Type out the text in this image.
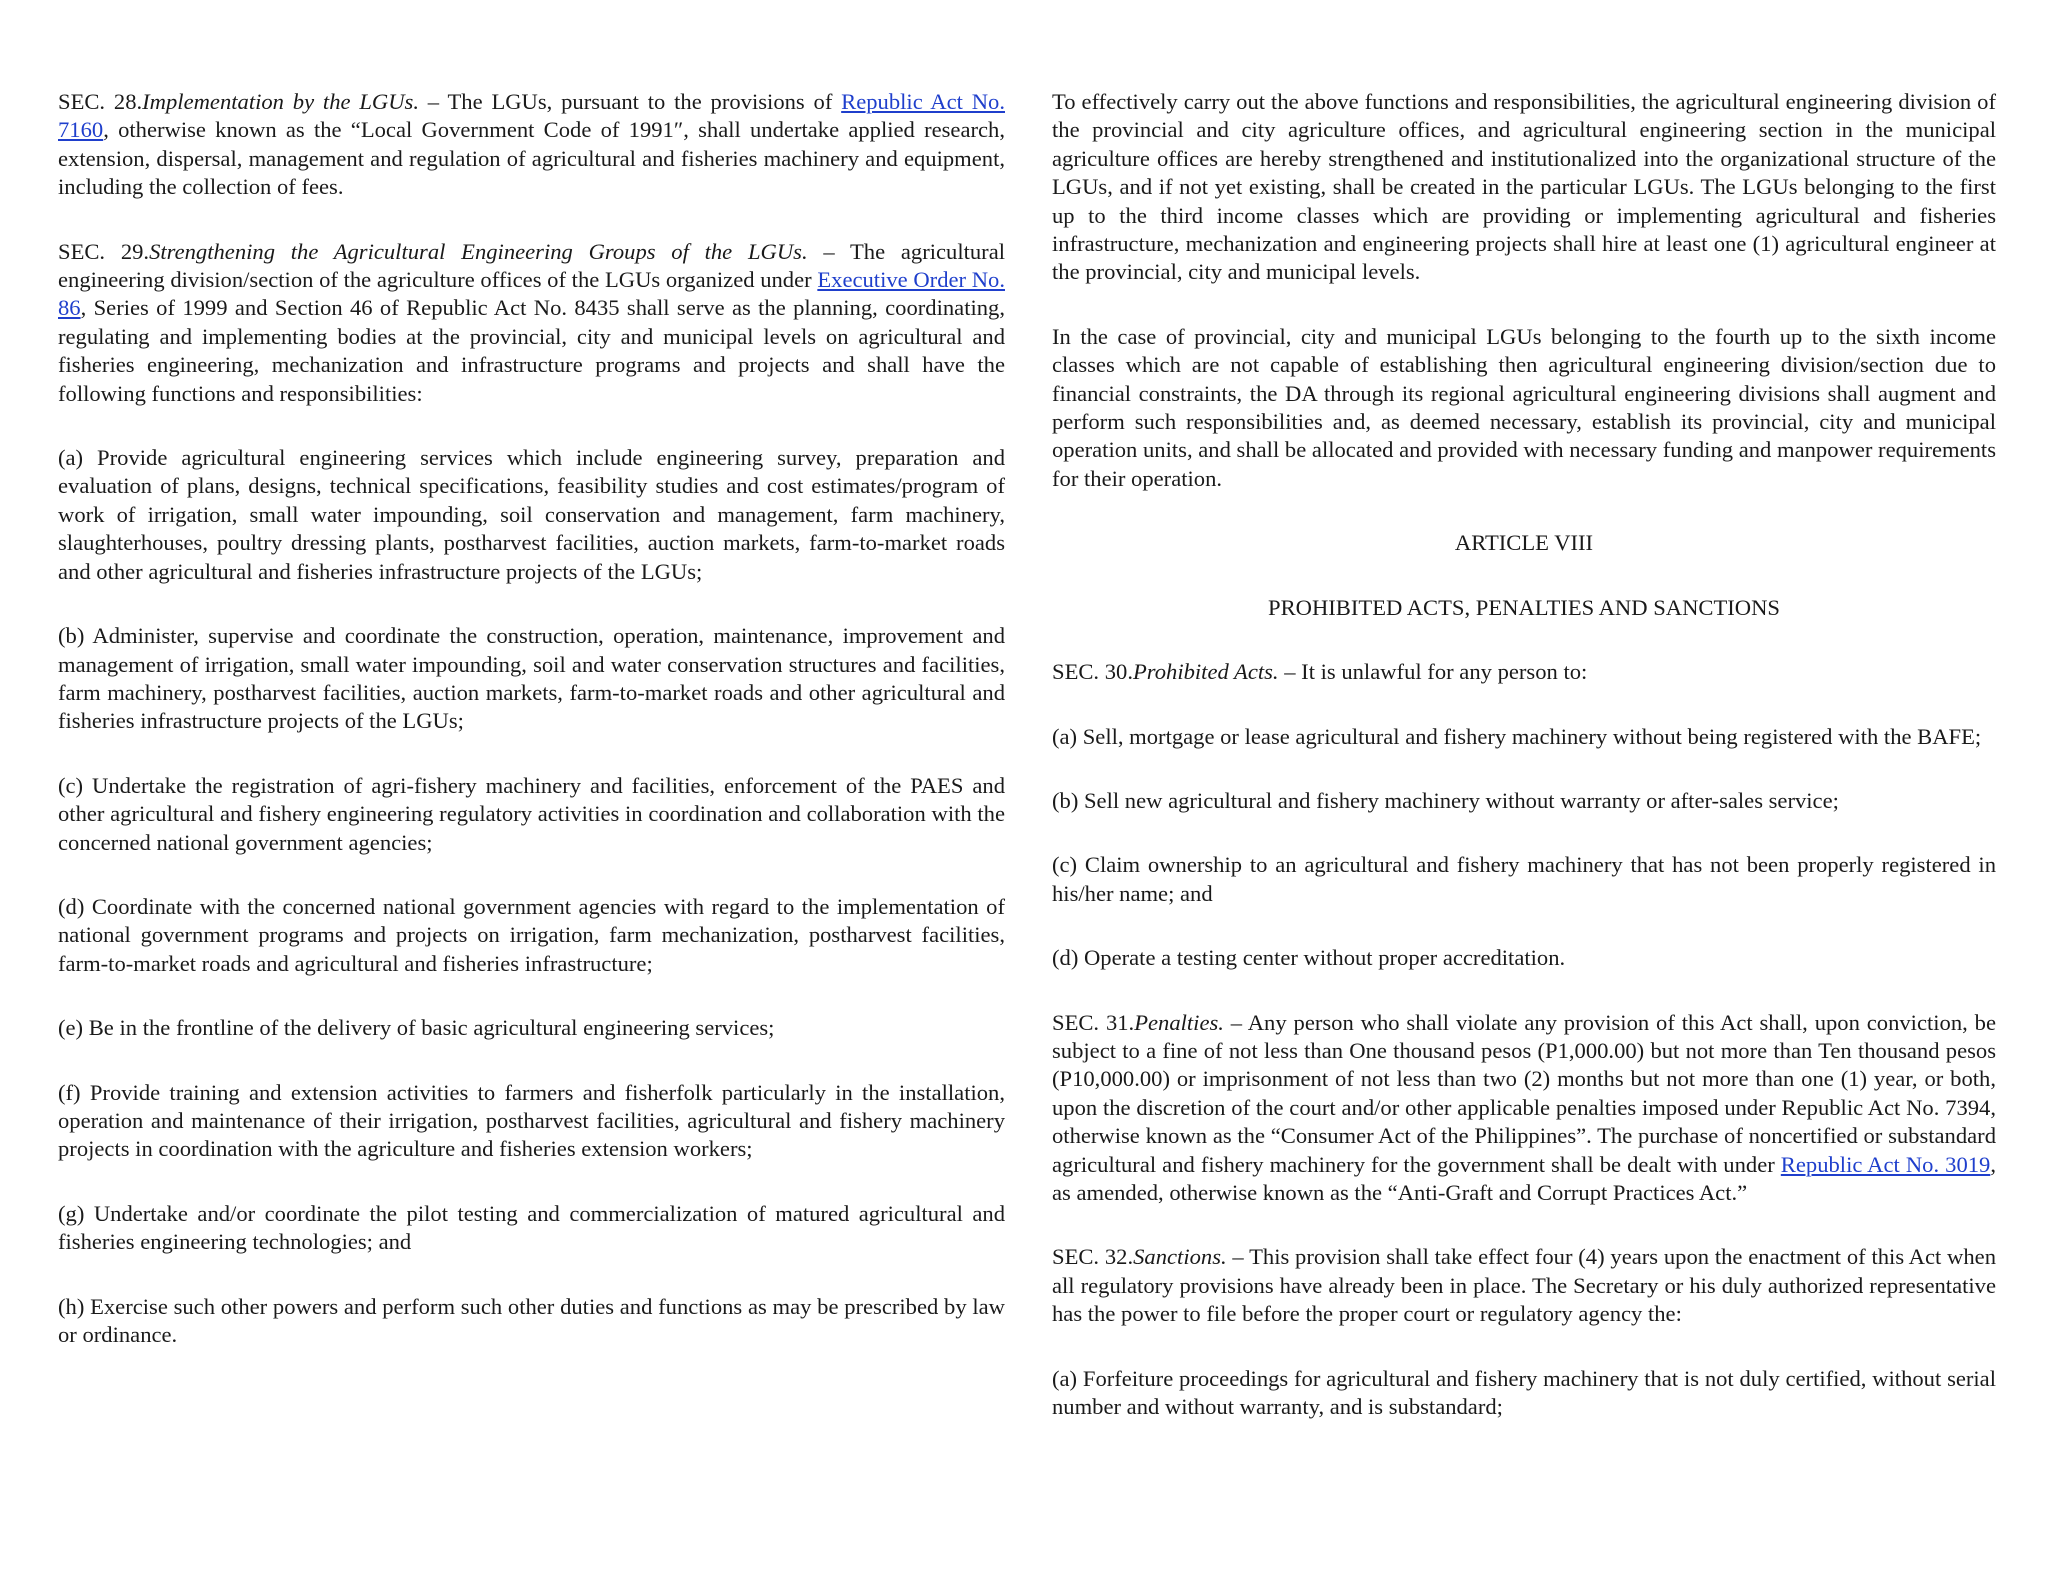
SEC. 28.Implementation by the LGUs. – The LGUs, pursuant to the provisions of Republic Act No. 7160, otherwise known as the “Local Government Code of 1991″, shall undertake applied research, extension, dispersal, management and regulation of agricultural and fisheries machinery and equipment, including the collection of fees.

SEC. 29.Strengthening the Agricultural Engineering Groups of the LGUs. – The agricultural engineering division/section of the agriculture offices of the LGUs organized under Executive Order No. 86, Series of 1999 and Section 46 of Republic Act No. 8435 shall serve as the planning, coordinating, regulating and implementing bodies at the provincial, city and municipal levels on agricultural and fisheries engineering, mechanization and infrastructure programs and projects and shall have the following functions and responsibilities:

(a) Provide agricultural engineering services which include engineering survey, preparation and evaluation of plans, designs, technical specifications, feasibility studies and cost estimates/program of work of irrigation, small water impounding, soil conservation and management, farm machinery, slaughterhouses, poultry dressing plants, postharvest facilities, auction markets, farm-to-market roads and other agricultural and fisheries infrastructure projects of the LGUs;

(b) Administer, supervise and coordinate the construction, operation, maintenance, improvement and management of irrigation, small water impounding, soil and water conservation structures and facilities, farm machinery, postharvest facilities, auction markets, farm-to-market roads and other agricultural and fisheries infrastructure projects of the LGUs;

(c) Undertake the registration of agri-fishery machinery and facilities, enforcement of the PAES and other agricultural and fishery engineering regulatory activities in coordination and collaboration with the concerned national government agencies;

(d) Coordinate with the concerned national government agencies with regard to the implementation of national government programs and projects on irrigation, farm mechanization, postharvest facilities, farm-to-market roads and agricultural and fisheries infrastructure;

(e) Be in the frontline of the delivery of basic agricultural engineering services;

(f) Provide training and extension activities to farmers and fisherfolk particularly in the installation, operation and maintenance of their irrigation, postharvest facilities, agricultural and fishery machinery projects in coordination with the agriculture and fisheries extension workers;

(g) Undertake and/or coordinate the pilot testing and commercialization of matured agricultural and fisheries engineering technologies; and

(h) Exercise such other powers and perform such other duties and functions as may be prescribed by law or ordinance.

To effectively carry out the above functions and responsibilities, the agricultural engineering division of the provincial and city agriculture offices, and agricultural engineering section in the municipal agriculture offices are hereby strengthened and institutionalized into the organizational structure of the LGUs, and if not yet existing, shall be created in the particular LGUs. The LGUs belonging to the first up to the third income classes which are providing or implementing agricultural and fisheries infrastructure, mechanization and engineering projects shall hire at least one (1) agricultural engineer at the provincial, city and municipal levels.

In the case of provincial, city and municipal LGUs belonging to the fourth up to the sixth income classes which are not capable of establishing then agricultural engineering division/section due to financial constraints, the DA through its regional agricultural engineering divisions shall augment and perform such responsibilities and, as deemed necessary, establish its provincial, city and municipal operation units, and shall be allocated and provided with necessary funding and manpower requirements for their operation.

ARTICLE VIII

PROHIBITED ACTS, PENALTIES AND SANCTIONS

SEC. 30.Prohibited Acts. – It is unlawful for any person to:

(a) Sell, mortgage or lease agricultural and fishery machinery without being registered with the BAFE;

(b) Sell new agricultural and fishery machinery without warranty or after-sales service;

(c) Claim ownership to an agricultural and fishery machinery that has not been properly registered in his/her name; and

(d) Operate a testing center without proper accreditation.

SEC. 31.Penalties. – Any person who shall violate any provision of this Act shall, upon conviction, be subject to a fine of not less than One thousand pesos (P1,000.00) but not more than Ten thousand pesos (P10,000.00) or imprisonment of not less than two (2) months but not more than one (1) year, or both, upon the discretion of the court and/or other applicable penalties imposed under Republic Act No. 7394, otherwise known as the “Consumer Act of the Philippines”. The purchase of noncertified or substandard agricultural and fishery machinery for the government shall be dealt with under Republic Act No. 3019, as amended, otherwise known as the “Anti-Graft and Corrupt Practices Act.”

SEC. 32.Sanctions. – This provision shall take effect four (4) years upon the enactment of this Act when all regulatory provisions have already been in place. The Secretary or his duly authorized representative has the power to file before the proper court or regulatory agency the:

(a) Forfeiture proceedings for agricultural and fishery machinery that is not duly certified, without serial number and without warranty, and is substandard;
